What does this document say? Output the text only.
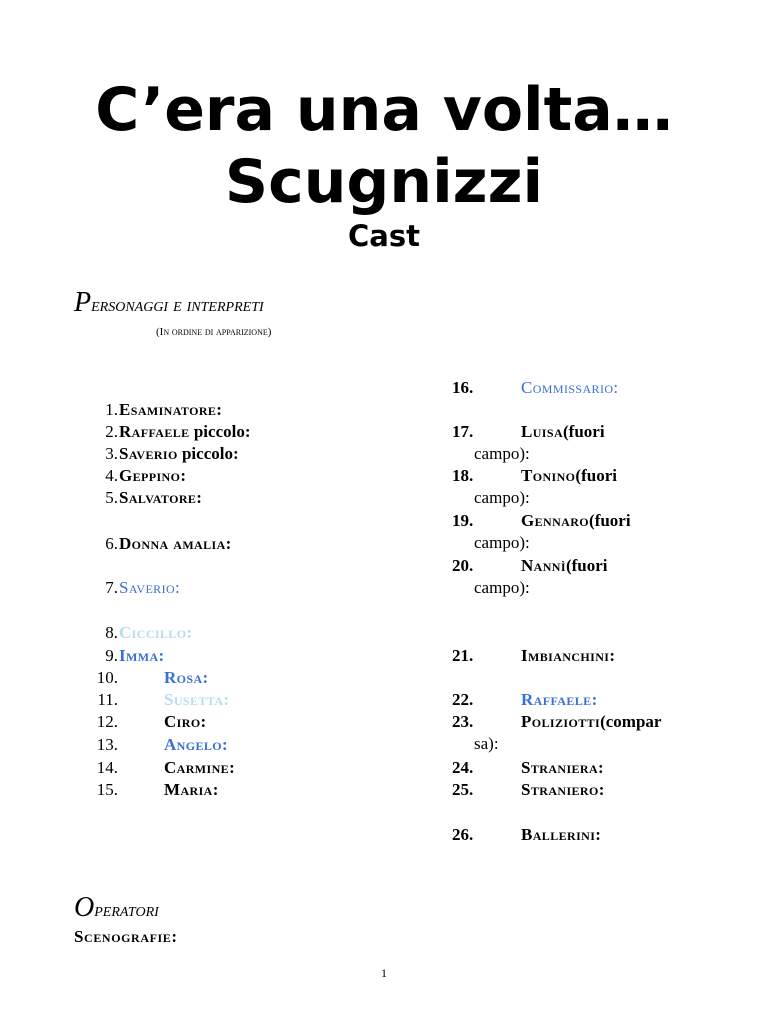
C’era una volta…
Scugnizzi
Cast
Personaggi e interpreti
(In ordine di apparizione)
1. Esaminatore:
2. Raffaele piccolo:
3. Saverio piccolo:
4. Geppino:
5. Salvatore:
6. Donna amalia:
7. Saverio:
8. Ciccillo:
9. Imma:
10.	Rosa:
11.	Susetta:
12.	Ciro:
13.	Angelo:
14.	Carmine:
15.	Maria:
16.	Commissario:
17.	Luisa(fuori
campo):
18.	Tonino(fuori
campo):
19.	Gennaro(fuori
campo):
20.	Nannì(fuori
campo):
21.	Imbianchini:
22.	Raffaele:
23.	Poliziotti(compar
sa):
24.	Straniera:
25.	Straniero:
26.	Ballerini:
Operatori
Scenografie:
1
